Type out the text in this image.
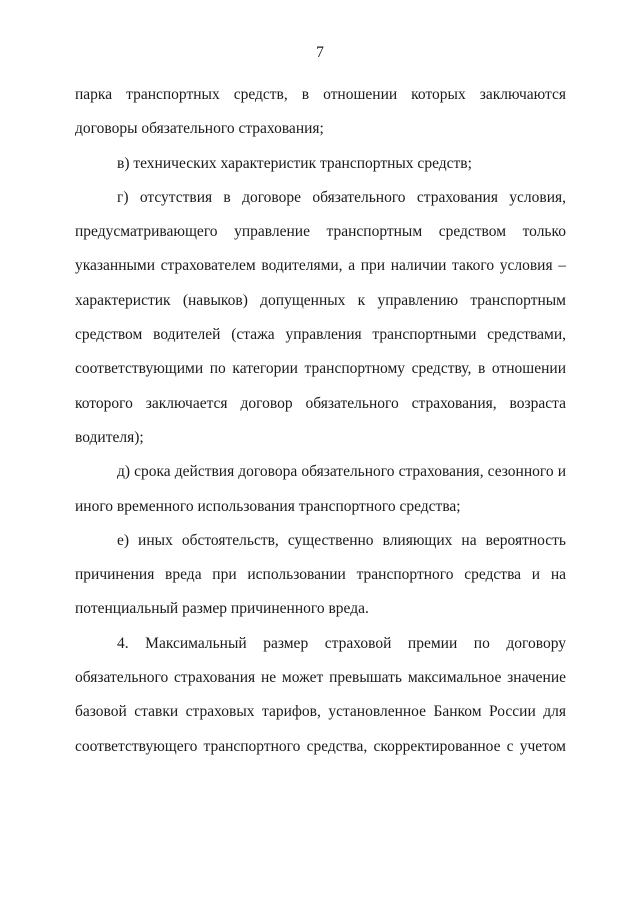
7

парка транспортных средств, в отношении которых заключаются договоры обязательного страхования;

в) технических характеристик транспортных средств;

г) отсутствия в договоре обязательного страхования условия, предусматривающего управление транспортным средством только указанными страхователем водителями, а при наличии такого условия – характеристик (навыков) допущенных к управлению транспортным средством водителей (стажа управления транспортными средствами, соответствующими по категории транспортному средству, в отношении которого заключается договор обязательного страхования, возраста водителя);

д) срока действия договора обязательного страхования, сезонного и иного временного использования транспортного средства;

е) иных обстоятельств, существенно влияющих на вероятность причинения вреда при использовании транспортного средства и на потенциальный размер причиненного вреда.

4. Максимальный размер страховой премии по договору обязательного страхования не может превышать максимальное значение базовой ставки страховых тарифов, установленное Банком России для соответствующего транспортного средства, скорректированное с учетом
